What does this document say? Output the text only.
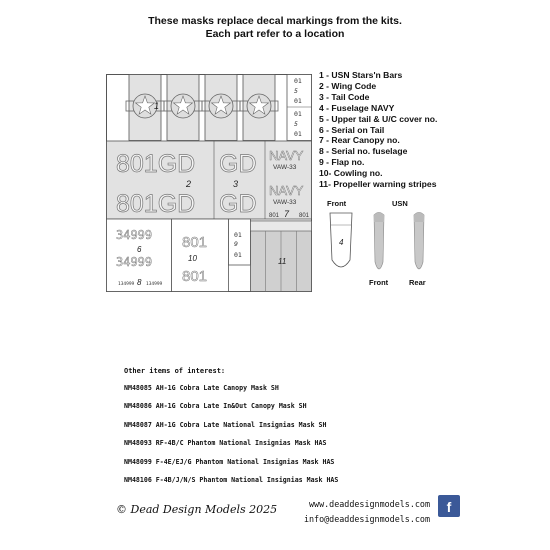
These masks replace decal markings from the kits.
Each part refer to a location
1
01
5
01
01
5
01
801GD
801GD
GD
GD
NAVY
NAVY
VAW-33
VAW-33
801	801
2	3
7
34999
34999
134999	134999
6
8
801
801
10
01
9
01
11
1 - USN Stars'n Bars
2 - Wing Code
3 - Tail Code
4 - Fuselage NAVY
5 - Upper tail & U/C cover no.
6 - Serial on Tail
7 - Rear Canopy no.
8 - Serial no. fuselage
9 - Flap no.
10- Cowling no.
11- Propeller warning stripes
Front	USN
4
Front	Rear
Other items of interest:
NM48085 AH-1G Cobra Late Canopy Mask SH
NM48086 AH-1G Cobra Late In&Out Canopy Mask SH
NM48087 AH-1G Cobra Late National Insignias Mask SH
NM48093 RF-4B/C Phantom National Insignias Mask HAS
NM48099 F-4E/EJ/G Phantom National Insignias Mask HAS
NM48106 F-4B/J/N/S Phantom National Insignias Mask HAS
© Dead Design Models 2025	www.deaddesignmodels.com
info@deaddesignmodels.com
f
